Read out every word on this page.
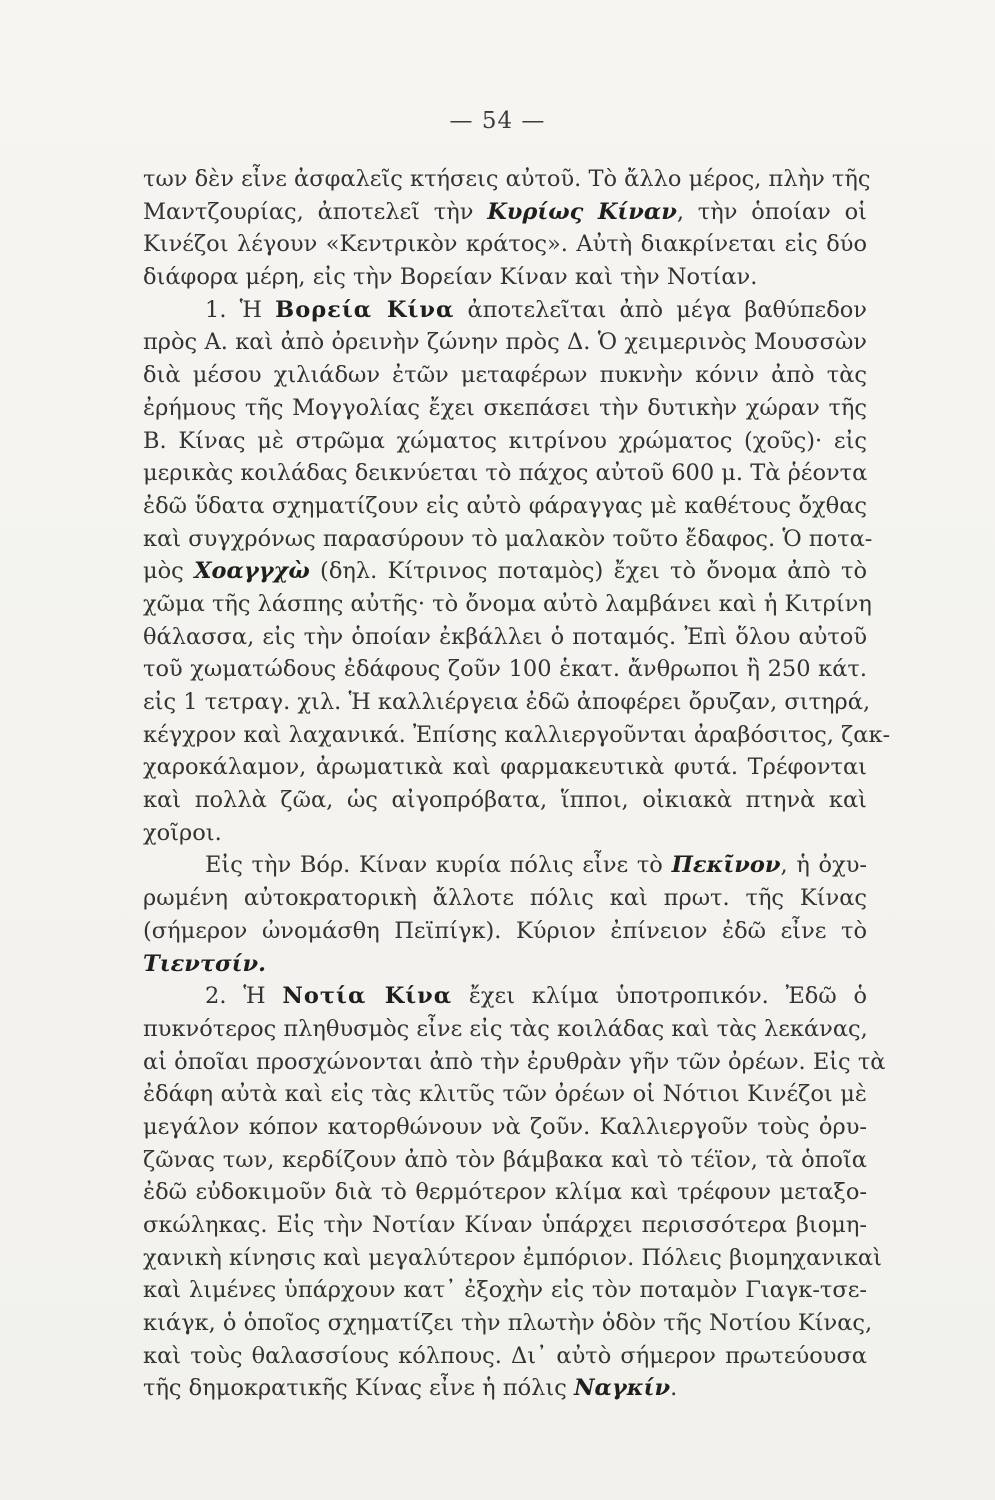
— 54 —
των δὲν εἶνε ἀσφαλεῖς κτήσεις αὐτοῦ. Τὸ ἄλλο μέρος, πλὴν τῆς
Μαντζουρίας, ἀποτελεῖ τὴν Κυρίως Κίναν, τὴν ὁποίαν οἱ
Κινέζοι λέγουν «Κεντρικὸν κράτος». Αὐτὴ διακρίνεται εἰς δύο
διάφορα μέρη, εἰς τὴν Βορείαν Κίναν καὶ τὴν Νοτίαν.
1. Ἡ Βορεία Κίνα ἀποτελεῖται ἀπὸ μέγα βαθύπεδον
πρὸς Α. καὶ ἀπὸ ὀρεινὴν ζώνην πρὸς Δ. Ὁ χειμερινὸς Μουσσὼν
διὰ μέσου χιλιάδων ἐτῶν μεταφέρων πυκνὴν κόνιν ἀπὸ τὰς
ἐρήμους τῆς Μογγολίας ἔχει σκεπάσει τὴν δυτικὴν χώραν τῆς
Β. Κίνας μὲ στρῶμα χώματος κιτρίνου χρώματος (χοῦς)· εἰς
μερικὰς κοιλάδας δεικνύεται τὸ πάχος αὐτοῦ 600 μ. Τὰ ῥέοντα
ἐδῶ ὕδατα σχηματίζουν εἰς αὐτὸ φάραγγας μὲ καθέτους ὄχθας
καὶ συγχρόνως παρασύρουν τὸ μαλακὸν τοῦτο ἔδαφος. Ὁ ποτα-
μὸς Χοαγγχὼ (δηλ. Κίτρινος ποταμὸς) ἔχει τὸ ὄνομα ἀπὸ τὸ
χῶμα τῆς λάσπης αὐτῆς· τὸ ὄνομα αὐτὸ λαμβάνει καὶ ἡ Κιτρίνη
θάλασσα, εἰς τὴν ὁποίαν ἐκβάλλει ὁ ποταμός. Ἐπὶ ὅλου αὐτοῦ
τοῦ χωματώδους ἐδάφους ζοῦν 100 ἑκατ. ἄνθρωποι ἢ 250 κάτ.
εἰς 1 τετραγ. χιλ. Ἡ καλλιέργεια ἐδῶ ἀποφέρει ὄρυζαν, σιτηρά,
κέγχρον καὶ λαχανικά. Ἐπίσης καλλιεργοῦνται ἀραβόσιτος, ζακ-
χαροκάλαμον, ἀρωματικὰ καὶ φαρμακευτικὰ φυτά. Τρέφονται
καὶ πολλὰ ζῶα, ὡς αἰγοπρόβατα, ἵπποι, οἰκιακὰ πτηνὰ καὶ
χοῖροι.
Εἰς τὴν Βόρ. Κίναν κυρία πόλις εἶνε τὸ Πεκῖνον, ἡ ὀχυ-
ρωμένη αὐτοκρατορικὴ ἄλλοτε πόλις καὶ πρωτ. τῆς Κίνας
(σήμερον ὠνομάσθη Πεϊπίγκ). Κύριον ἐπίνειον ἐδῶ εἶνε τὸ
Τιεντσίν.
2. Ἡ Νοτία Κίνα ἔχει κλίμα ὑποτροπικόν. Ἐδῶ ὁ
πυκνότερος πληθυσμὸς εἶνε εἰς τὰς κοιλάδας καὶ τὰς λεκάνας,
αἱ ὁποῖαι προσχώνονται ἀπὸ τὴν ἐρυθρὰν γῆν τῶν ὀρέων. Εἰς τὰ
ἐδάφη αὐτὰ καὶ εἰς τὰς κλιτῦς τῶν ὀρέων οἱ Νότιοι Κινέζοι μὲ
μεγάλον κόπον κατορθώνουν νὰ ζοῦν. Καλλιεργοῦν τοὺς ὀρυ-
ζῶνας των, κερδίζουν ἀπὸ τὸν βάμβακα καὶ τὸ τέϊον, τὰ ὁποῖα
ἐδῶ εὐδοκιμοῦν διὰ τὸ θερμότερον κλίμα καὶ τρέφουν μεταξο-
σκώληκας. Εἰς τὴν Νοτίαν Κίναν ὑπάρχει περισσότερα βιομη-
χανικὴ κίνησις καὶ μεγαλύτερον ἐμπόριον. Πόλεις βιομηχανικαὶ
καὶ λιμένες ὑπάρχουν κατ᾽ ἐξοχὴν εἰς τὸν ποταμὸν Γιαγκ-τσε-
κιάγκ, ὁ ὁποῖος σχηματίζει τὴν πλωτὴν ὁδὸν τῆς Νοτίου Κίνας,
καὶ τοὺς θαλασσίους κόλπους. Δι᾽ αὐτὸ σήμερον πρωτεύουσα
τῆς δημοκρατικῆς Κίνας εἶνε ἡ πόλις Ναγκίν.
